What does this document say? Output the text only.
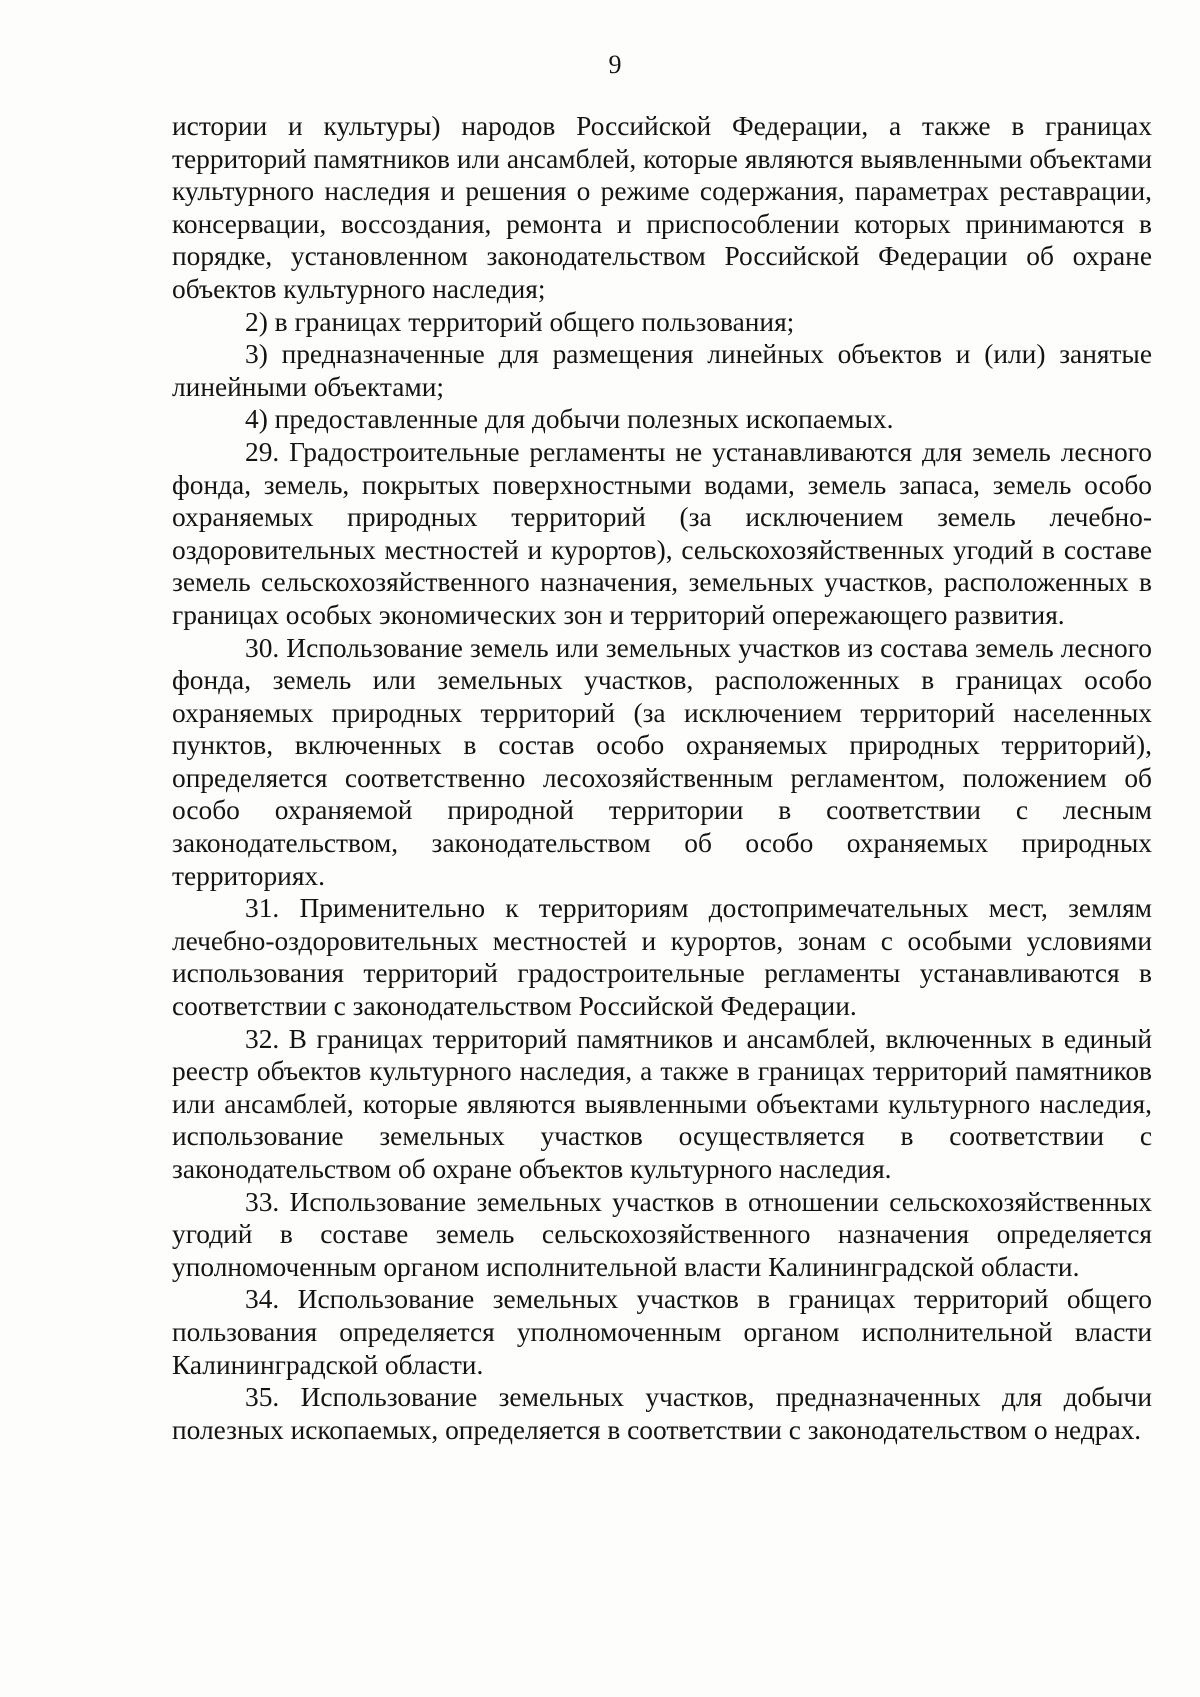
9

истории и культуры) народов Российской Федерации, а также в границах территорий памятников или ансамблей, которые являются выявленными объектами культурного наследия и решения о режиме содержания, параметрах реставрации, консервации, воссоздания, ремонта и приспособлении которых принимаются в порядке, установленном законодательством Российской Федерации об охране объектов культурного наследия;

2) в границах территорий общего пользования;

3) предназначенные для размещения линейных объектов и (или) занятые линейными объектами;

4) предоставленные для добычи полезных ископаемых.

29. Градостроительные регламенты не устанавливаются для земель лесного фонда, земель, покрытых поверхностными водами, земель запаса, земель особо охраняемых природных территорий (за исключением земель лечебно-оздоровительных местностей и курортов), сельскохозяйственных угодий в составе земель сельскохозяйственного назначения, земельных участков, расположенных в границах особых экономических зон и территорий опережающего развития.

30. Использование земель или земельных участков из состава земель лесного фонда, земель или земельных участков, расположенных в границах особо охраняемых природных территорий (за исключением территорий населенных пунктов, включенных в состав особо охраняемых природных территорий), определяется соответственно лесохозяйственным регламентом, положением об особо охраняемой природной территории в соответствии с лесным законодательством, законодательством об особо охраняемых природных территориях.

31. Применительно к территориям достопримечательных мест, землям лечебно-оздоровительных местностей и курортов, зонам с особыми условиями использования территорий градостроительные регламенты устанавливаются в соответствии с законодательством Российской Федерации.

32. В границах территорий памятников и ансамблей, включенных в единый реестр объектов культурного наследия, а также в границах территорий памятников или ансамблей, которые являются выявленными объектами культурного наследия, использование земельных участков осуществляется в соответствии с законодательством об охране объектов культурного наследия.

33. Использование земельных участков в отношении сельскохозяйственных угодий в составе земель сельскохозяйственного назначения определяется уполномоченным органом исполнительной власти Калининградской области.

34. Использование земельных участков в границах территорий общего пользования определяется уполномоченным органом исполнительной власти Калининградской области.

35. Использование земельных участков, предназначенных для добычи полезных ископаемых, определяется в соответствии с законодательством о недрах.
